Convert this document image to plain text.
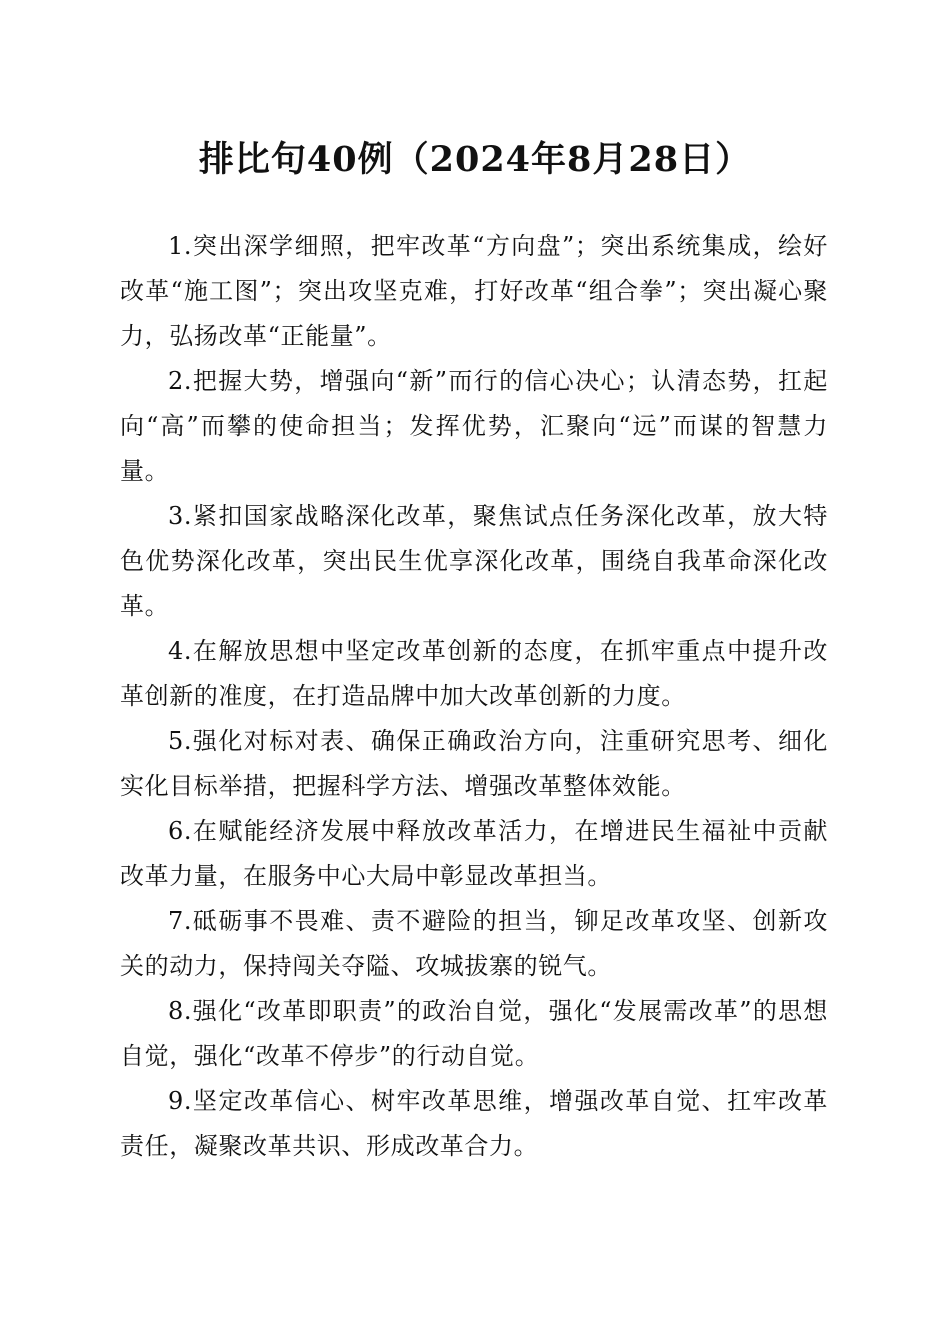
排比句40例（2024年8月28日）

1.突出深学细照，把牢改革“方向盘”；突出系统集成，绘好改革“施工图”；突出攻坚克难，打好改革“组合拳”；突出凝心聚力，弘扬改革“正能量”。

2.把握大势，增强向“新”而行的信心决心；认清态势，扛起向“高”而攀的使命担当；发挥优势，汇聚向“远”而谋的智慧力量。

3.紧扣国家战略深化改革，聚焦试点任务深化改革，放大特色优势深化改革，突出民生优享深化改革，围绕自我革命深化改革。

4.在解放思想中坚定改革创新的态度，在抓牢重点中提升改革创新的准度，在打造品牌中加大改革创新的力度。

5.强化对标对表、确保正确政治方向，注重研究思考、细化实化目标举措，把握科学方法、增强改革整体效能。

6.在赋能经济发展中释放改革活力，在增进民生福祉中贡献改革力量，在服务中心大局中彰显改革担当。

7.砥砺事不畏难、责不避险的担当，铆足改革攻坚、创新攻关的动力，保持闯关夺隘、攻城拔寨的锐气。

8.强化“改革即职责”的政治自觉，强化“发展需改革”的思想自觉，强化“改革不停步”的行动自觉。

9.坚定改革信心、树牢改革思维，增强改革自觉、扛牢改革责任，凝聚改革共识、形成改革合力。
